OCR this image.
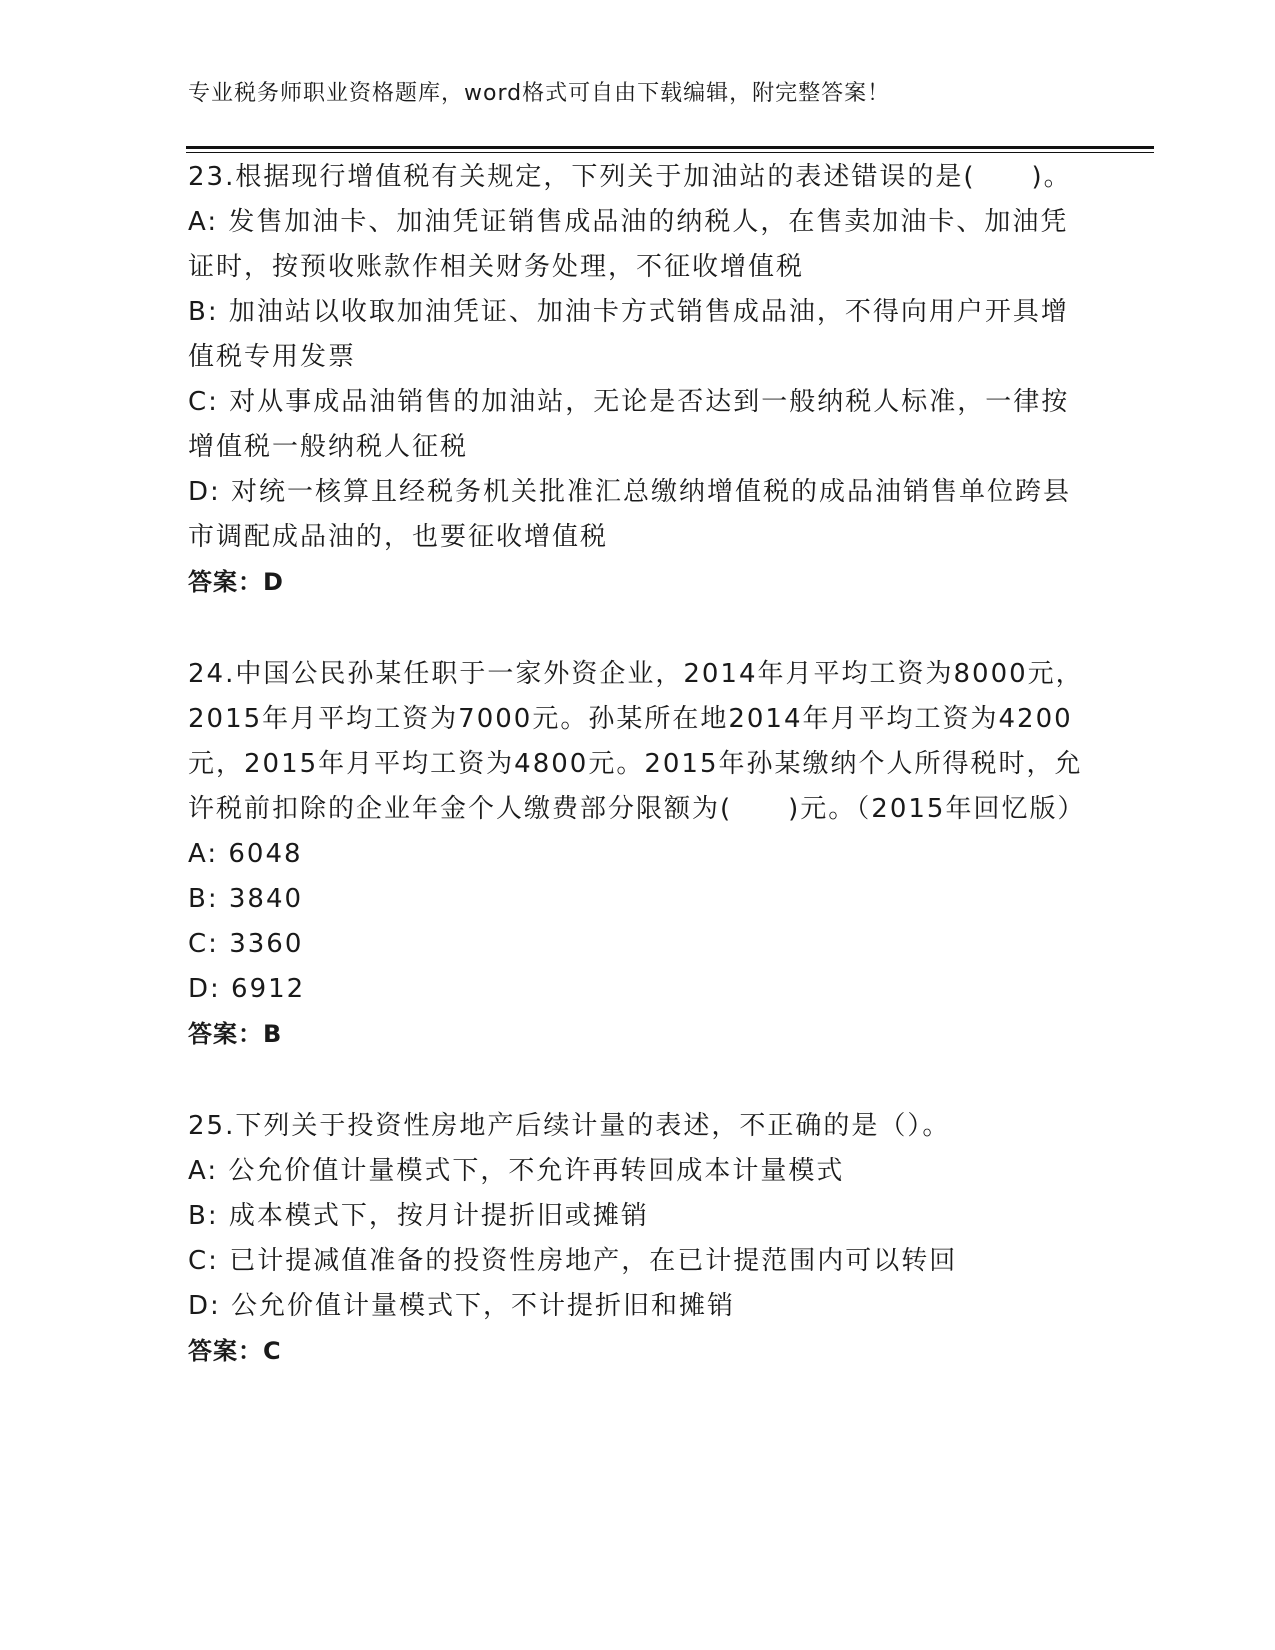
专业税务师职业资格题库，word格式可自由下载编辑，附完整答案！

23.根据现行增值税有关规定，下列关于加油站的表述错误的是(　　)。

A: 发售加油卡、加油凭证销售成品油的纳税人，在售卖加油卡、加油凭证时，按预收账款作相关财务处理，不征收增值税

B: 加油站以收取加油凭证、加油卡方式销售成品油，不得向用户开具增值税专用发票

C: 对从事成品油销售的加油站，无论是否达到一般纳税人标准，一律按增值税一般纳税人征税

D: 对统一核算且经税务机关批准汇总缴纳增值税的成品油销售单位跨县市调配成品油的，也要征收增值税

答案：D

24.中国公民孙某任职于一家外资企业，2014年月平均工资为8000元，2015年月平均工资为7000元。孙某所在地2014年月平均工资为4200元，2015年月平均工资为4800元。2015年孙某缴纳个人所得税时，允许税前扣除的企业年金个人缴费部分限额为(　　)元。（2015年回忆版）

A: 6048

B: 3840

C: 3360

D: 6912

答案：B

25.下列关于投资性房地产后续计量的表述，不正确的是（）。

A: 公允价值计量模式下，不允许再转回成本计量模式

B: 成本模式下，按月计提折旧或摊销

C: 已计提减值准备的投资性房地产，在已计提范围内可以转回

D: 公允价值计量模式下，不计提折旧和摊销

答案：C
